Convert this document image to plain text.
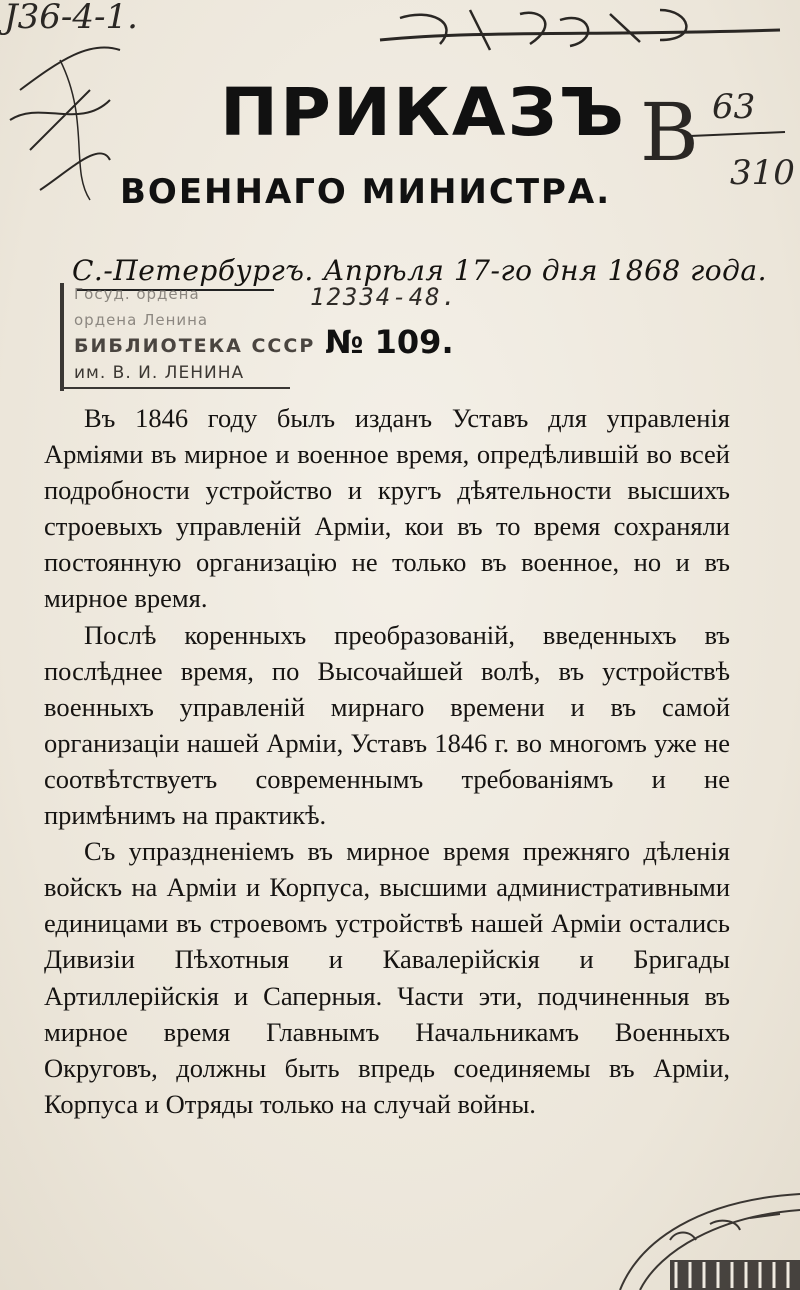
J36-4-1.
В 63
310
ПРИКАЗЪ
ВОЕННАГО МИНИСТРА.
С.-Петербургъ. Апрѣля 17-го дня 1868 года.
Госуд. ордена
ордена Ленина
БИБЛИОТЕКА СССР
им. В. И. ЛЕНИНА
123З4-48.
№ 109.

Въ 1846 году былъ изданъ Уставъ для управленія Арміями въ мирное и военное время, опредѣлившій во всей подробности устройство и кругъ дѣятельности высшихъ строевыхъ управленій Арміи, кои въ то время сохраняли постоянную организацію не только въ военное, но и въ мирное время.

Послѣ коренныхъ преобразованій, введенныхъ въ послѣднее время, по Высочайшей волѣ, въ устройствѣ военныхъ управленій мирнаго времени и въ самой организаціи нашей Арміи, Уставъ 1846 г. во многомъ уже не соотвѣтствуетъ современнымъ требованіямъ и не примѣнимъ на практикѣ.

Съ упраздненіемъ въ мирное время прежняго дѣленія войскъ на Арміи и Корпуса, высшими административными единицами въ строевомъ устройствѣ нашей Арміи остались Дивизіи Пѣхотныя и Кавалерійскія и Бригады Артиллерійскія и Саперныя. Части эти, подчиненныя въ мирное время Главнымъ Начальникамъ Военныхъ Округовъ, должны быть впредь соединяемы въ Арміи, Корпуса и Отряды только на случай войны.
